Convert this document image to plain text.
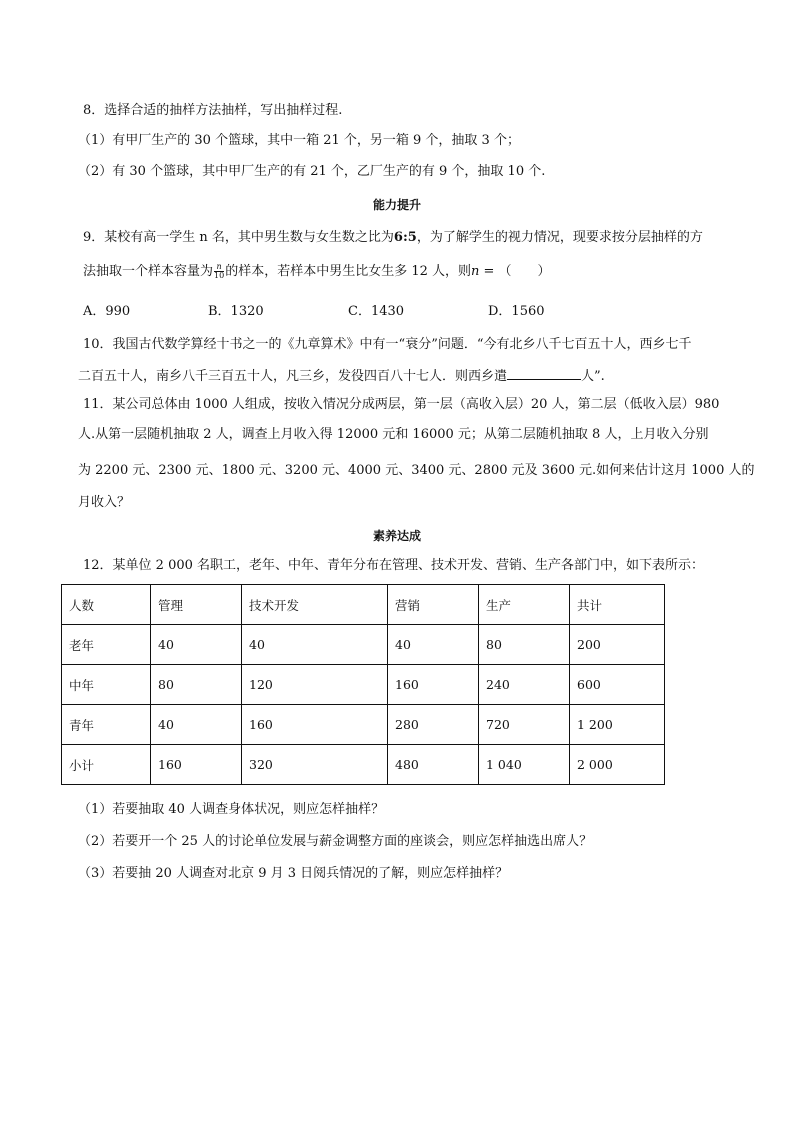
8．选择合适的抽样方法抽样，写出抽样过程.
（1）有甲厂生产的 30 个篮球，其中一箱 21 个，另一箱 9 个，抽取 3 个；
（2）有 30 个篮球，其中甲厂生产的有 21 个，乙厂生产的有 9 个，抽取 10 个.
能力提升
9．某校有高一学生 n 名，其中男生数与女生数之比为6:5，为了解学生的视力情况，现要求按分层抽样的方
法抽取一个样本容量为 $\frac{n}{10}$ 的样本，若样本中男生比女生多 12 人，则n = （　　）
A．990	B．1320	C．1430	D．1560
10．我国古代数学算经十书之一的《九章算术》中有一“衰分”问题．“今有北乡八千七百五十人，西乡七千
二百五十人，南乡八千三百五十人，凡三乡，发役四百八十七人．则西乡遣	人”.
11．某公司总体由 1000 人组成，按收入情况分成两层，第一层（高收入层）20 人，第二层（低收入层）980
人.从第一层随机抽取 2 人，调查上月收入得 12000 元和 16000 元；从第二层随机抽取 8 人，上月收入分别
为 2200 元、2300 元、1800 元、3200 元、4000 元、3400 元、2800 元及 3600 元.如何来估计这月 1000 人的
月收入？
素养达成
12．某单位 2 000 名职工，老年、中年、青年分布在管理、技术开发、营销、生产各部门中，如下表所示：
人数	管理	技术开发	营销	生产	共计
老年	40	40	40	80	200
中年	80	120	160	240	600
青年	40	160	280	720	1 200
小计	160	320	480	1 040	2 000
（1）若要抽取 40 人调查身体状况，则应怎样抽样？
（2）若要开一个 25 人的讨论单位发展与薪金调整方面的座谈会，则应怎样抽选出席人？
（3）若要抽 20 人调查对北京 9 月 3 日阅兵情况的了解，则应怎样抽样？
